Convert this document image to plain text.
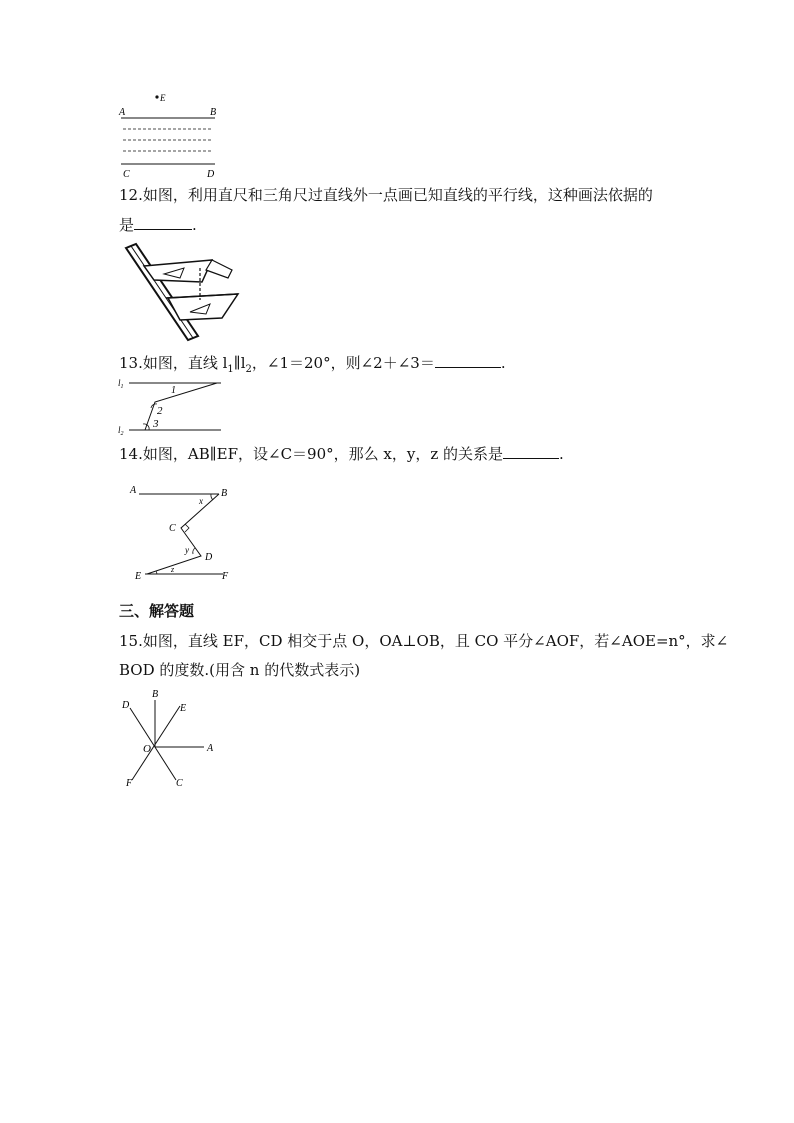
E
A	B
C	D
12.如图，利用直尺和三角尺过直线外一点画已知直线的平行线，这种画法依据的
是	.
13.如图，直线 $l_1\parallel l_2$，∠1＝20°，则∠2＋∠3＝	.
$l_1$	1
2
3
$l_2$
14.如图，AB∥EF，设∠C＝90°，那么 x，y，z 的关系是	.
A	B
x
C
y
D
E
z
F
三、解答题
15.如图，直线 EF，CD 相交于点 O，OA⊥OB，且 CO 平分∠AOF，若∠AOE=n°，求∠
BOD 的度数.(用含 n 的代数式表示)
B
D	E
O	A
F	C
